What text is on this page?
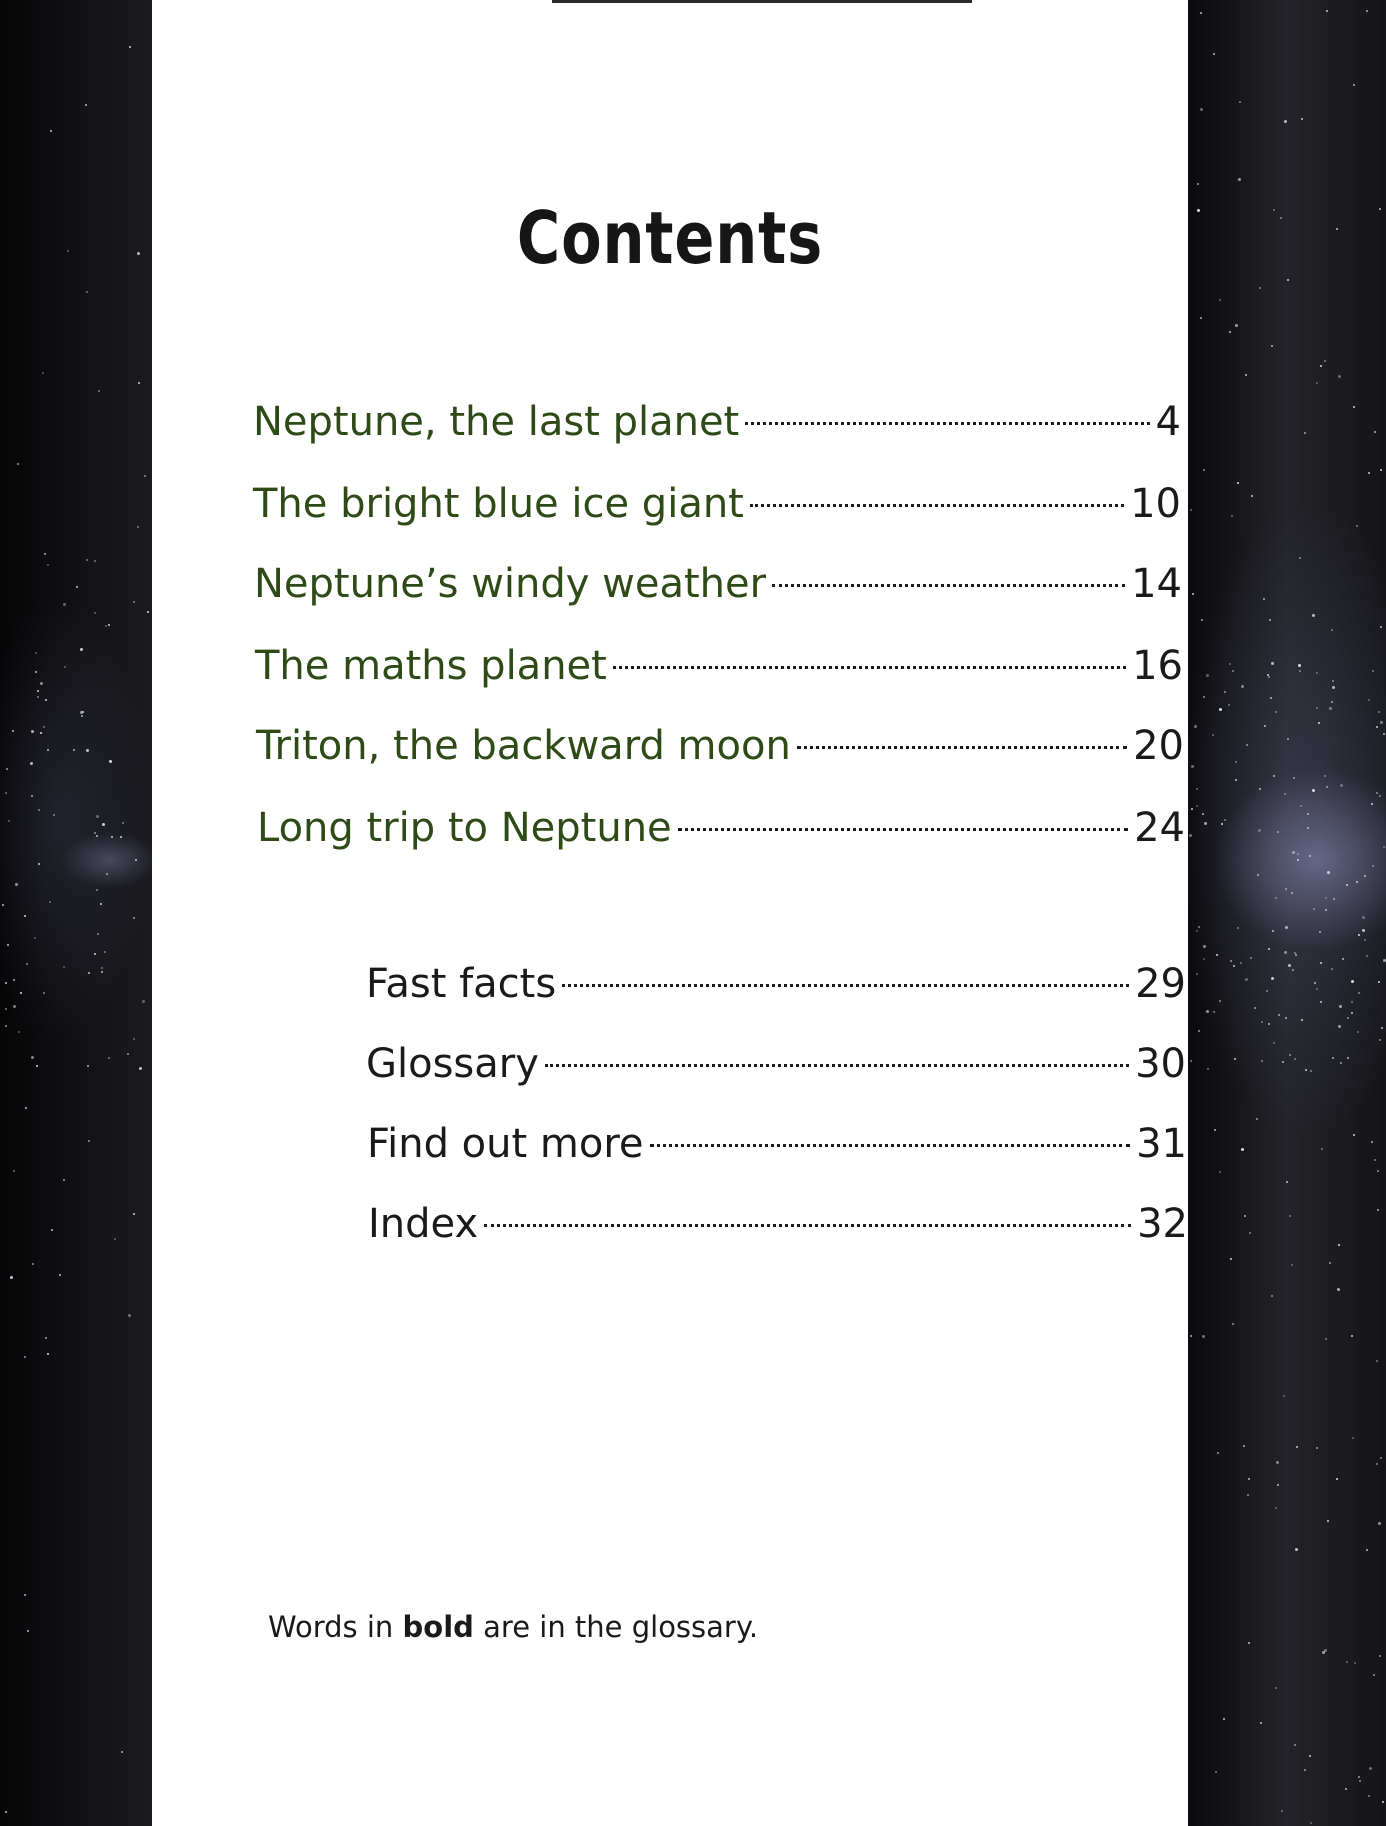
Contents
Neptune, the last planet	4
The bright blue ice giant	10
Neptune’s windy weather	14
The maths planet	16
Triton, the backward moon	20
Long trip to Neptune	24
Fast facts	29
Glossary	30
Find out more	31
Index	32

Words in bold are in the glossary.
